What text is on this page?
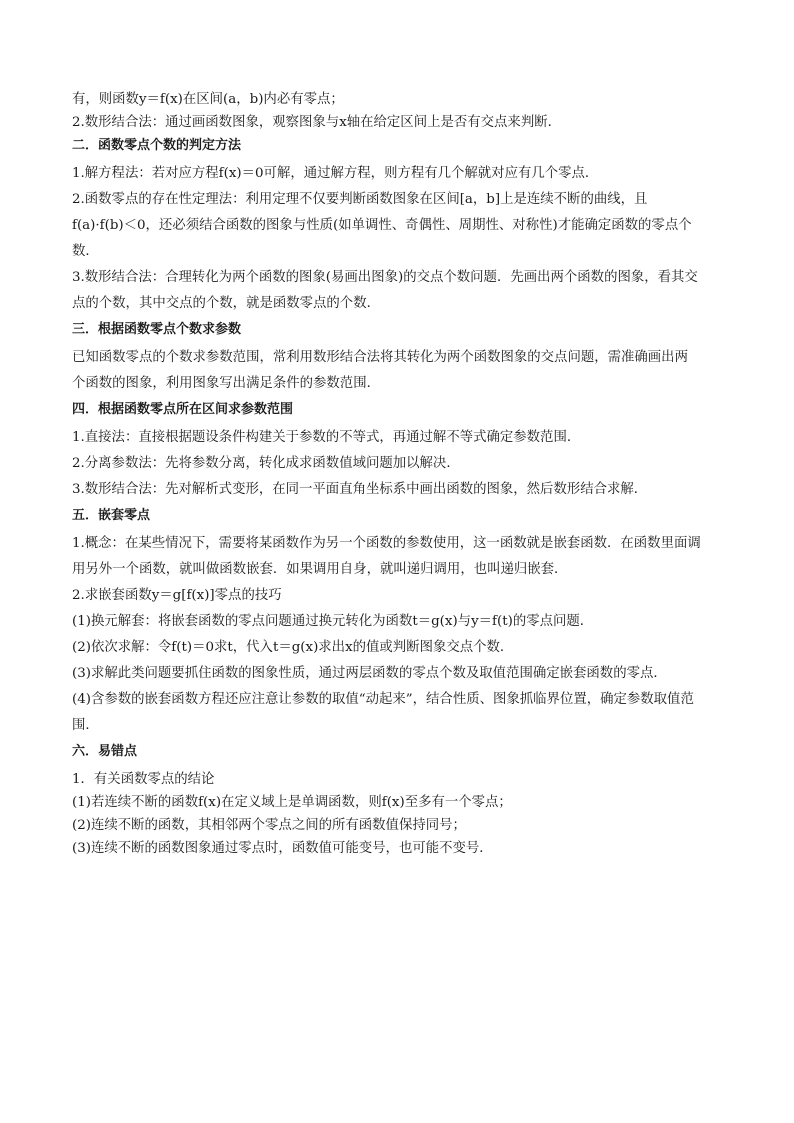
有，则函数y＝f(x)在区间(a，b)内必有零点；

2.数形结合法：通过画函数图象，观察图象与x轴在给定区间上是否有交点来判断．

二．函数零点个数的判定方法

1.解方程法：若对应方程f(x)＝0可解，通过解方程，则方程有几个解就对应有几个零点．

2.函数零点的存在性定理法：利用定理不仅要判断函数图象在区间[a，b]上是连续不断的曲线，且

f(a)·f(b)＜0，还必须结合函数的图象与性质(如单调性、奇偶性、周期性、对称性)才能确定函数的零点个

数．

3.数形结合法：合理转化为两个函数的图象(易画出图象)的交点个数问题．先画出两个函数的图象，看其交

点的个数，其中交点的个数，就是函数零点的个数．

三．根据函数零点个数求参数

已知函数零点的个数求参数范围，常利用数形结合法将其转化为两个函数图象的交点问题，需准确画出两

个函数的图象，利用图象写出满足条件的参数范围．

四．根据函数零点所在区间求参数范围

1.直接法：直接根据题设条件构建关于参数的不等式，再通过解不等式确定参数范围．

2.分离参数法：先将参数分离，转化成求函数值域问题加以解决．

3.数形结合法：先对解析式变形，在同一平面直角坐标系中画出函数的图象，然后数形结合求解．

五．嵌套零点

1.概念：在某些情况下，需要将某函数作为另一个函数的参数使用，这一函数就是嵌套函数．在函数里面调

用另外一个函数，就叫做函数嵌套．如果调用自身，就叫递归调用，也叫递归嵌套．

2.求嵌套函数y＝g[f(x)]零点的技巧

(1)换元解套：将嵌套函数的零点问题通过换元转化为函数t＝g(x)与y＝f(t)的零点问题．

(2)依次求解：令f(t)＝0求t，代入t＝g(x)求出x的值或判断图象交点个数．

(3)求解此类问题要抓住函数的图象性质，通过两层函数的零点个数及取值范围确定嵌套函数的零点．

(4)含参数的嵌套函数方程还应注意让参数的取值“动起来”，结合性质、图象抓临界位置，确定参数取值范

围．

六．易错点

1．有关函数零点的结论

(1)若连续不断的函数f(x)在定义域上是单调函数，则f(x)至多有一个零点；

(2)连续不断的函数，其相邻两个零点之间的所有函数值保持同号；

(3)连续不断的函数图象通过零点时，函数值可能变号，也可能不变号．
